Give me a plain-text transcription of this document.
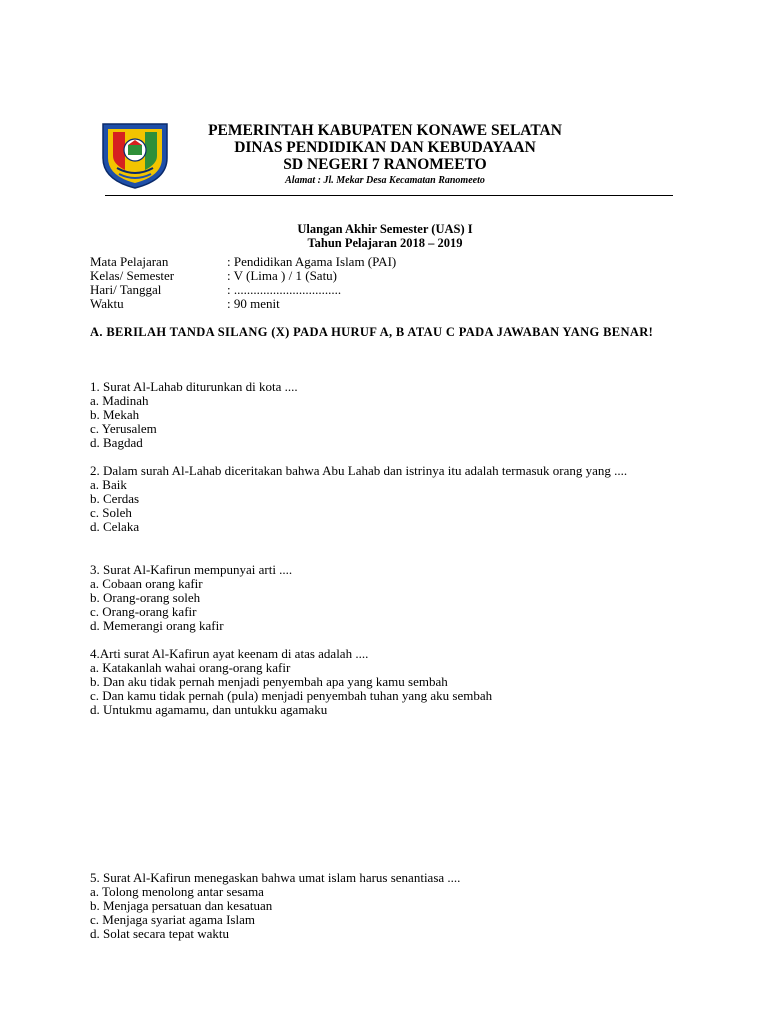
PEMERINTAH KABUPATEN KONAWE SELATAN
DINAS PENDIDIKAN DAN KEBUDAYAAN
SD NEGERI 7 RANOMEETO
Alamat : Jl. Mekar Desa Kecamatan Ranomeeto
Ulangan Akhir Semester (UAS) I
Tahun Pelajaran 2018 – 2019
Mata Pelajaran	: Pendidikan Agama Islam (PAI)
Kelas/ Semester	: V (Lima ) / 1 (Satu)
Hari/ Tanggal	: .................................
Waktu	: 90 menit
A. BERILAH TANDA SILANG (X) PADA HURUF A, B ATAU C PADA JAWABAN YANG BENAR!
1. Surat Al-Lahab diturunkan di kota ....
a. Madinah
b. Mekah
c. Yerusalem
d. Bagdad
2. Dalam surah Al-Lahab diceritakan bahwa Abu Lahab dan istrinya itu adalah termasuk orang yang ....
a. Baik
b. Cerdas
c. Soleh
d. Celaka
3. Surat Al-Kafirun mempunyai arti ....
a. Cobaan orang kafir
b. Orang-orang soleh
c. Orang-orang kafir
d. Memerangi orang kafir
4.Arti surat Al-Kafirun ayat keenam di atas adalah ....
a. Katakanlah wahai orang-orang kafir
b. Dan aku tidak pernah menjadi penyembah apa yang kamu sembah
c. Dan kamu tidak pernah (pula) menjadi penyembah tuhan yang aku sembah
d. Untukmu agamamu, dan untukku agamaku
5. Surat Al-Kafirun menegaskan bahwa umat islam harus senantiasa ....
a. Tolong menolong antar sesama
b. Menjaga persatuan dan kesatuan
c. Menjaga syariat agama Islam
d. Solat secara tepat waktu
